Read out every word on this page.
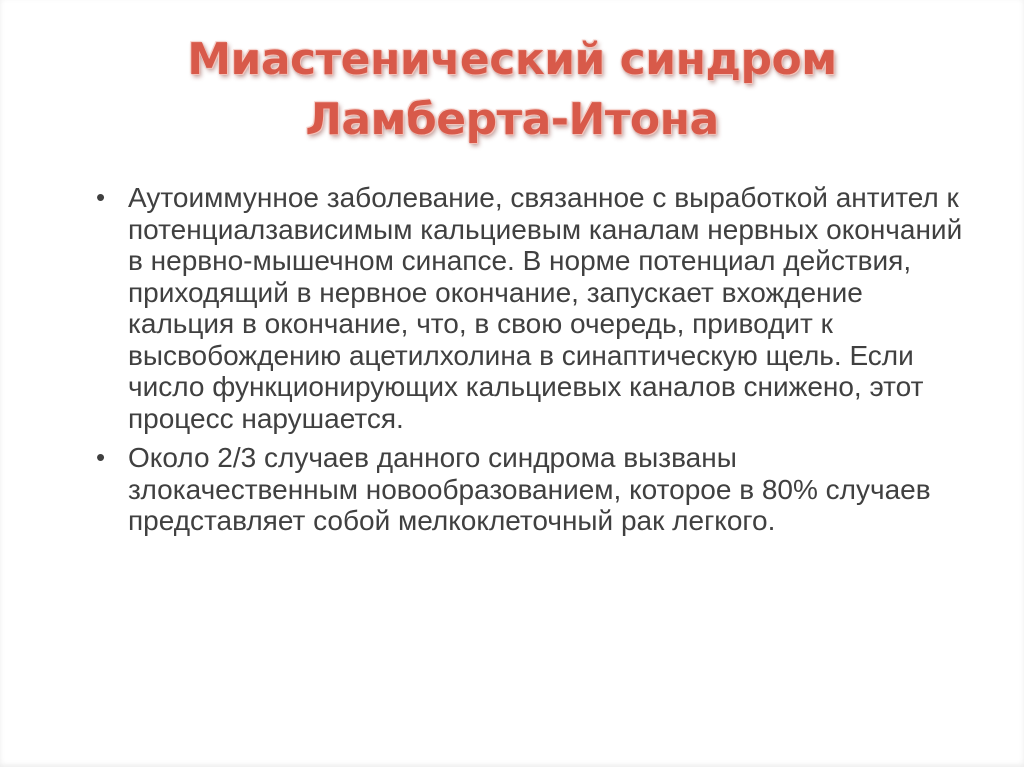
Миастенический синдром
Ламберта-Итона
• Аутоиммунное заболевание, связанное с выработкой антител к потенциалзависимым кальциевым каналам нервных окончаний в нервно-мышечном синапсе. В норме потенциал действия, приходящий в нервное окончание, запускает вхождение кальция в окончание, что, в свою очередь, приводит к высвобождению ацетилхолина в синаптическую щель. Если число функционирующих кальциевых каналов снижено, этот процесс нарушается.
• Около 2/3 случаев данного синдрома вызваны злокачественным новообразованием, которое в 80% случаев представляет собой мелкоклеточный рак легкого.
